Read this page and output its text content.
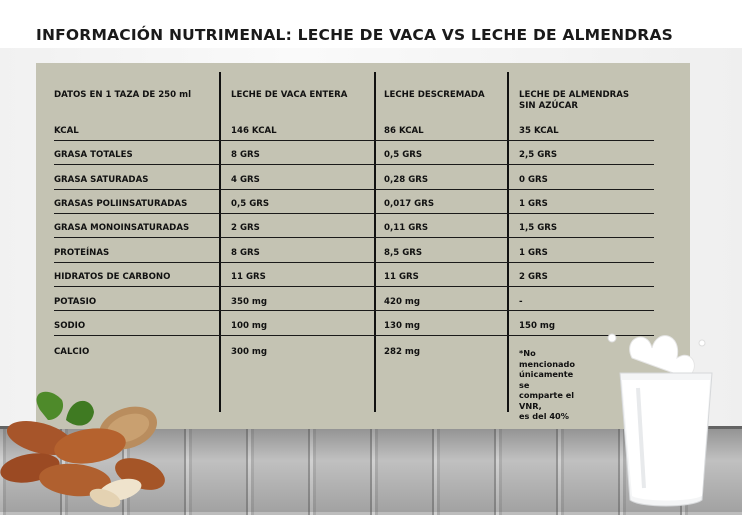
INFORMACIÓN NUTRIMENAL: LECHE DE VACA VS LECHE DE ALMENDRAS
DATOS EN 1 TAZA DE 250 ml	LECHE DE VACA ENTERA	LECHE DESCREMADA	LECHE DE ALMENDRAS
SIN AZÚCAR
KCAL	146 KCAL	86 KCAL	35 KCAL
GRASA TOTALES	8 GRS	0,5 GRS	2,5 GRS
GRASA SATURADAS	4 GRS	0,28 GRS	0 GRS
GRASAS POLIINSATURADAS	0,5 GRS	0,017 GRS	1 GRS
GRASA MONOINSATURADAS	2 GRS	0,11 GRS	1,5 GRS
PROTEÍNAS	8 GRS	8,5 GRS	1 GRS
HIDRATOS DE CARBONO	11 GRS	11 GRS	2 GRS
POTASIO	350 mg	420 mg	-
SODIO	100 mg	130 mg	150 mg
CALCIO	300 mg	282 mg	*No mencionado
únicamente se
comparte el VNR,
es del 40%
